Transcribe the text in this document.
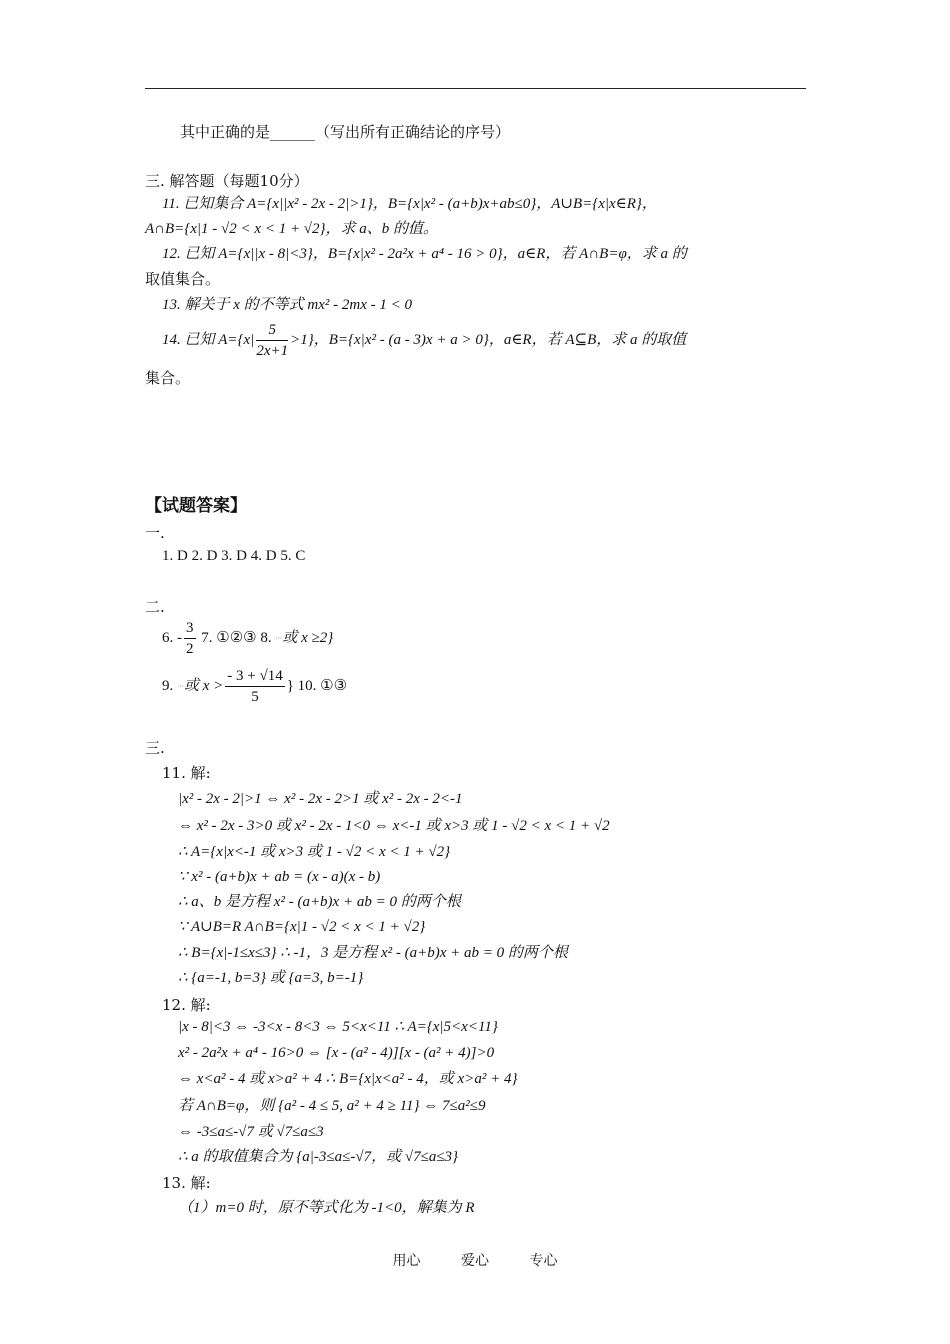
其中正确的是______（写出所有正确结论的序号）
三. 解答题（每题10分）
11. 已知集合 A={x||x² - 2x - 2|>1}，B={x|x² - (a+b)x+ab≤0}，A∪B={x|x∈R}，
A∩B={x|1 - √2 < x < 1 + √2}，求 a、b 的值。
12. 已知 A={x||x - 8|<3}，B={x|x² - 2a²x + a⁴ - 16 > 0}，a∈R，若 A∩B=φ，求 a 的
取值集合。
13. 解关于 x 的不等式 mx² - 2mx - 1 < 0
14. 已知 $A=\{x| \frac{5}{2x+1} >1\}$，B={x|x² - (a - 3)x + a > 0}，a∈R，若 A⊆B，求 a 的取值
集合。
【试题答案】
一.
1. D 2. D 3. D 4. D 5. C
二.
6. - $\frac{3}{2} 7$. ①②③ 8. ⋯或 x ≥2}
9. ⋯或 $x > \frac{- 3 + √14}{5}$ } 10. ①③
三.
11. 解:
|x² - 2x - 2|>1 ⇔ x² - 2x - 2>1 或 x² - 2x - 2<-1
⇔ x² - 2x - 3>0 或 x² - 2x - 1<0 ⇔ x<-1 或 x>3 或 1 - √2 < x < 1 + √2
∴ A={x|x<-1 或 x>3 或 1 - √2 < x < 1 + √2}
∵ x² - (a+b)x + ab = (x - a)(x - b)
∴ a、b 是方程 x² - (a+b)x + ab = 0 的两个根
∵ A∪B=R A∩B={x|1 - √2 < x < 1 + √2}
∴ B={x|-1≤x≤3} ∴ -1，3 是方程 x² - (a+b)x + ab = 0 的两个根
∴ {a=-1, b=3} 或 {a=3, b=-1}
12. 解:
|x - 8|<3 ⇔ -3<x - 8<3 ⇔ 5<x<11 ∴ A={x|5<x<11}
x² - 2a²x + a⁴ - 16>0 ⇔ [x - (a² - 4)][x - (a² + 4)]>0
⇔ x<a² - 4 或 x>a² + 4 ∴ B={x|x<a² - 4，或 x>a² + 4}
若 A∩B=φ，则 {a² - 4 ≤ 5, a² + 4 ≥ 11} ⇔ 7≤a²≤9
⇔ -3≤a≤-√7 或 √7≤a≤3
∴ a 的取值集合为 {a|-3≤a≤-√7，或 √7≤a≤3}
13. 解:
（1）m=0 时，原不等式化为 -1<0，解集为 R
用心	爱心	专心
